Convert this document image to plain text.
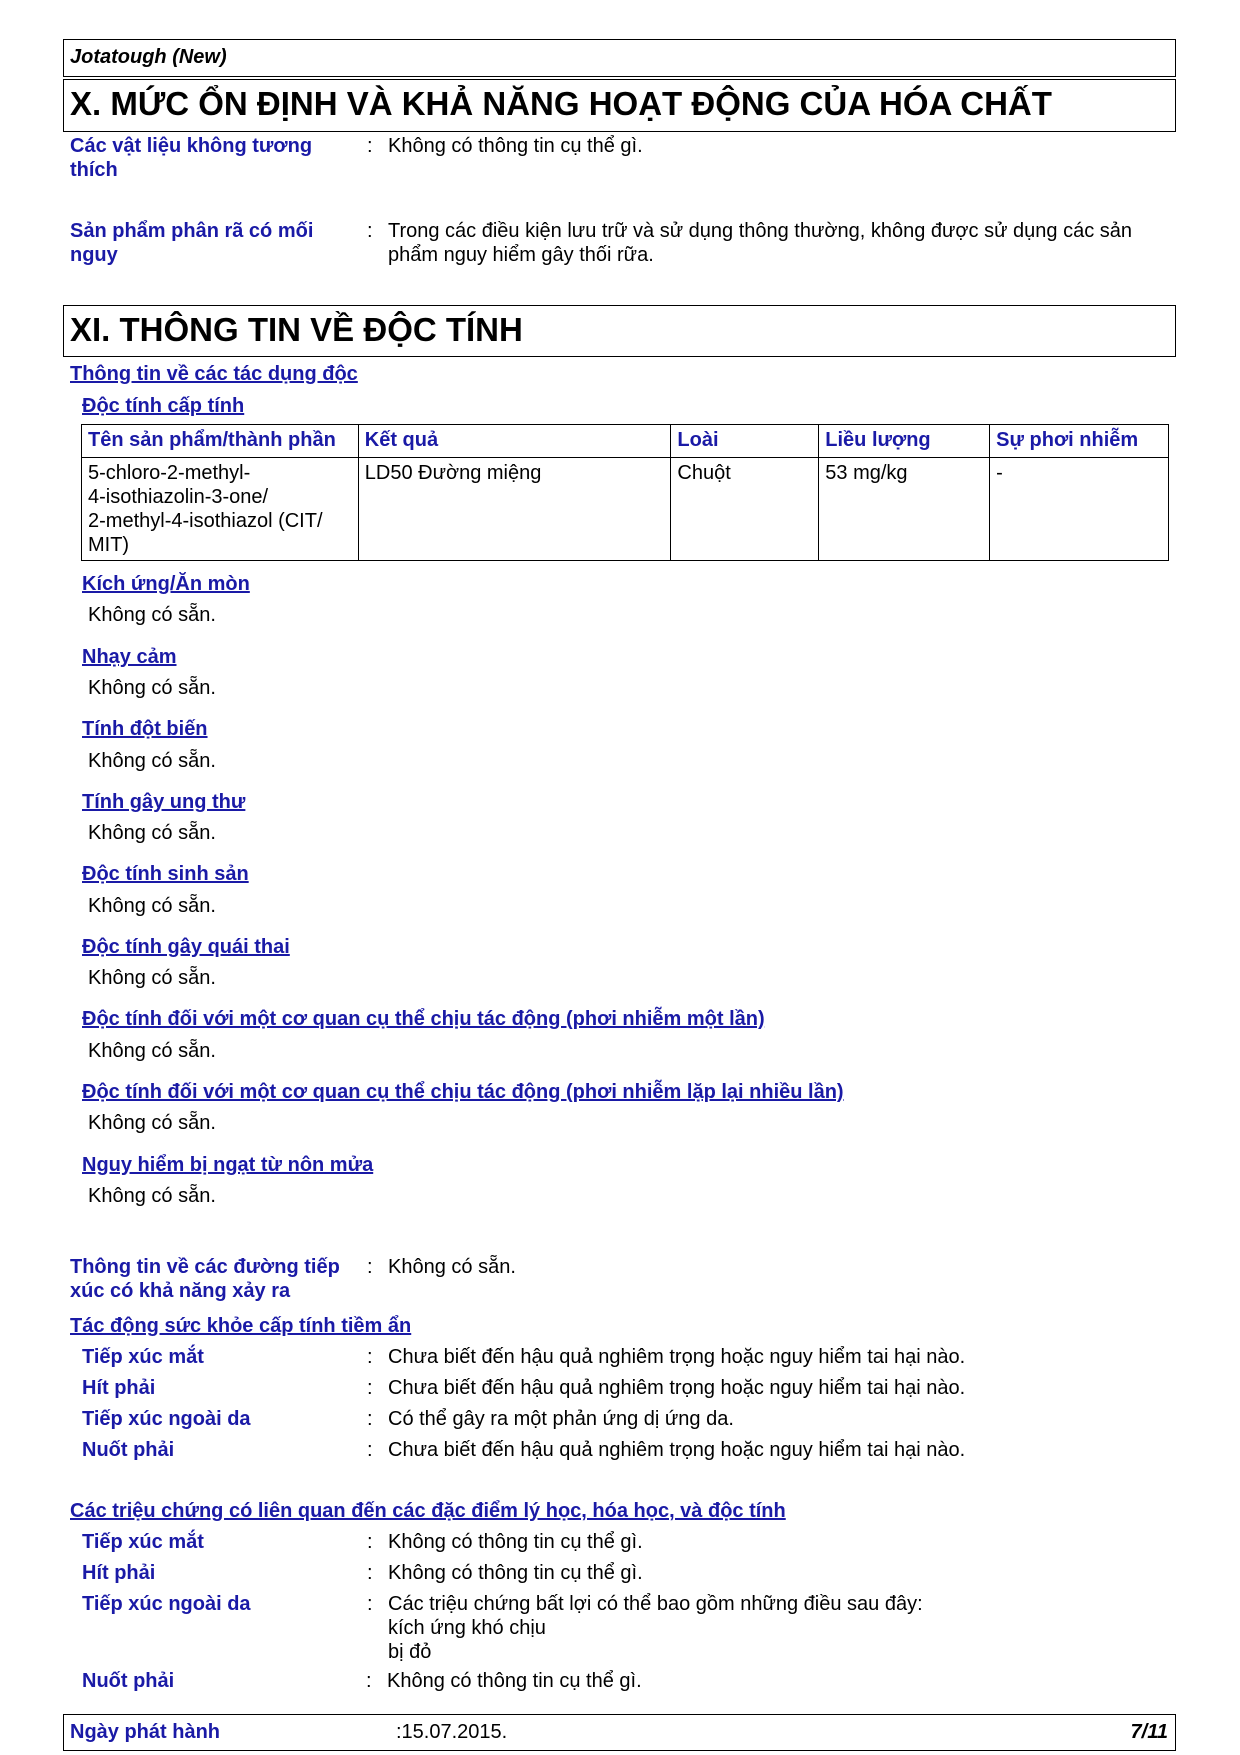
Jotatough (New)
X. MỨC ỔN ĐỊNH VÀ KHẢ NĂNG HOẠT ĐỘNG CỦA HÓA CHẤT
Các vật liệu không tương
thích
: Không có thông tin cụ thể gì.
Sản phẩm phân rã có mối
nguy
: Trong các điều kiện lưu trữ và sử dụng thông thường, không được sử dụng các sản
phẩm nguy hiểm gây thối rữa.
XI. THÔNG TIN VỀ ĐỘC TÍNH
Thông tin về các tác dụng độc
Độc tính cấp tính
Tên sản phẩm/thành phần	Kết quả	Loài	Liều lượng	Sự phơi nhiễm

5-chloro-2-methyl-
4-isothiazolin-3-one/
2-methyl-4-isothiazol (CIT/
MIT)	LD50 Đường miệng	Chuột	53 mg/kg	-
Kích ứng/Ăn mòn
Không có sẵn.
Nhạy cảm
Không có sẵn.
Tính đột biến
Không có sẵn.
Tính gây ung thư
Không có sẵn.
Độc tính sinh sản
Không có sẵn.
Độc tính gây quái thai
Không có sẵn.
Độc tính đối với một cơ quan cụ thể chịu tác động (phơi nhiễm một lần)
Không có sẵn.
Độc tính đối với một cơ quan cụ thể chịu tác động (phơi nhiễm lặp lại nhiều lần)
Không có sẵn.
Nguy hiểm bị ngạt từ nôn mửa
Không có sẵn.
Thông tin về các đường tiếp
xúc có khả năng xảy ra
: Không có sẵn.
Tác động sức khỏe cấp tính tiềm ẩn
Tiếp xúc mắt	: Chưa biết đến hậu quả nghiêm trọng hoặc nguy hiểm tai hại nào.
Hít phải	: Chưa biết đến hậu quả nghiêm trọng hoặc nguy hiểm tai hại nào.
Tiếp xúc ngoài da	: Có thể gây ra một phản ứng dị ứng da.
Nuốt phải	: Chưa biết đến hậu quả nghiêm trọng hoặc nguy hiểm tai hại nào.
Các triệu chứng có liên quan đến các đặc điểm lý học, hóa học, và độc tính
Tiếp xúc mắt	: Không có thông tin cụ thể gì.
Hít phải	: Không có thông tin cụ thể gì.
Tiếp xúc ngoài da	: Các triệu chứng bất lợi có thể bao gồm những điều sau đây:
kích ứng khó chịu
bị đỏ
Nuốt phải	: Không có thông tin cụ thể gì.
Ngày phát hành	:15.07.2015.	7/11
